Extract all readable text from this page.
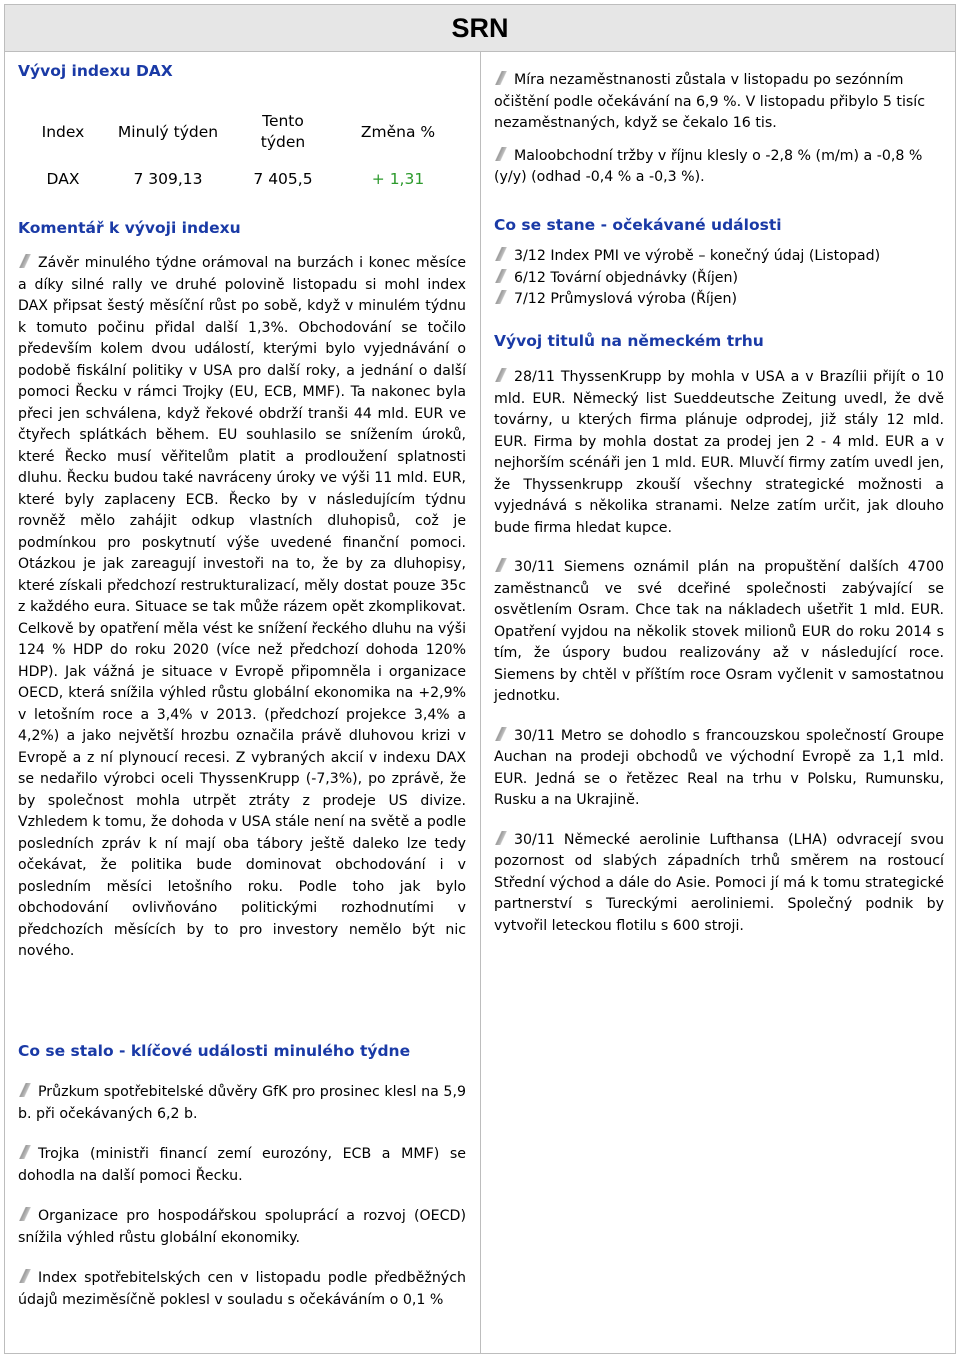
SRN
Vývoj indexu DAX
Index	Minulý týden	Tento týden	Změna %
DAX	7 309,13	7 405,5	+ 1,31
Komentář k vývoji indexu

Závěr minulého týdne orámoval na burzách i konec měsíce a díky silné rally ve druhé polovině listopadu si mohl index DAX připsat šestý měsíční růst po sobě, když v minulém týdnu k tomuto počinu přidal další 1,3%. Obchodování se točilo především kolem dvou událostí, kterými bylo vyjednávání o podobě fiskální politiky v USA pro další roky, a jednání o další pomoci Řecku v rámci Trojky (EU, ECB, MMF). Ta nakonec byla přeci jen schválena, když řekové obdrží tranši 44 mld. EUR ve čtyřech splátkách během. EU souhlasilo se snížením úroků, které Řecko musí věřitelům platit a prodloužení splatnosti dluhu. Řecku budou také navráceny úroky ve výši 11 mld. EUR, které byly zaplaceny ECB. Řecko by v následujícím týdnu rovněž mělo zahájit odkup vlastních dluhopisů, což je podmínkou pro poskytnutí výše uvedené finanční pomoci. Otázkou je jak zareagují investoři na to, že by za dluhopisy, které získali předchozí restrukturalizací, měly dostat pouze 35c z každého eura. Situace se tak může rázem opět zkomplikovat. Celkově by opatření měla vést ke snížení řeckého dluhu na výši 124 % HDP do roku 2020 (více než předchozí dohoda 120% HDP). Jak vážná je situace v Evropě připomněla i organizace OECD, která snížila výhled růstu globální ekonomika na +2,9% v letošním roce a 3,4% v 2013. (předchozí projekce 3,4% a 4,2%) a jako největší hrozbu označila právě dluhovou krizi v Evropě a z ní plynoucí recesi. Z vybraných akcií v indexu DAX se nedařilo výrobci oceli ThyssenKrupp (-7,3%), po zprávě, že by společnost mohla utrpět ztráty z prodeje US divize. Vzhledem k tomu, že dohoda v USA stále není na světě a podle posledních zpráv k ní mají oba tábory ještě daleko lze tedy očekávat, že politika bude dominovat obchodování i v posledním měsíci letošního roku. Podle toho jak bylo obchodování ovlivňováno politickými rozhodnutími v předchozích měsících by to pro investory nemělo být nic nového.

Co se stalo - klíčové události minulého týdne

Průzkum spotřebitelské důvěry GfK pro prosinec klesl na 5,9 b. při očekávaných 6,2 b.

Trojka (ministři financí zemí eurozóny, ECB a MMF) se dohodla na další pomoci Řecku.

Organizace pro hospodářskou spoluprácí a rozvoj (OECD) snížila výhled růstu globální ekonomiky.

Index spotřebitelských cen v listopadu podle předběžných údajů meziměsíčně poklesl v souladu s očekáváním o 0,1 %

Míra nezaměstnanosti zůstala v listopadu po sezónním očištění podle očekávání na 6,9 %. V listopadu přibylo 5 tisíc nezaměstnaných, když se čekalo 16 tis.

Maloobchodní tržby v říjnu klesly o -2,8 % (m/m) a -0,8 % (y/y) (odhad -0,4 % a -0,3 %).

Co se stane - očekávané události

3/12 Index PMI ve výrobě – konečný údaj (Listopad)

6/12 Tovární objednávky (Říjen)

7/12 Průmyslová výroba (Říjen)

Vývoj titulů na německém trhu

28/11 ThyssenKrupp by mohla v USA a v Brazílii přijít o 10 mld. EUR. Německý list Sueddeutsche Zeitung uvedl, že dvě továrny, u kterých firma plánuje odprodej, již stály 12 mld. EUR. Firma by mohla dostat za prodej jen 2 - 4 mld. EUR a v nejhorším scénáři jen 1 mld. EUR. Mluvčí firmy zatím uvedl jen, že Thyssenkrupp zkouší všechny strategické možnosti a vyjednává s několika stranami. Nelze zatím určit, jak dlouho bude firma hledat kupce.

30/11 Siemens oznámil plán na propuštění dalších 4700 zaměstnanců ve své dceřiné společnosti zabývající se osvětlením Osram. Chce tak na nákladech ušetřit 1 mld. EUR. Opatření vyjdou na několik stovek milionů EUR do roku 2014 s tím, že úspory budou realizovány až v následující roce. Siemens by chtěl v příštím roce Osram vyčlenit v samostatnou jednotku.

30/11 Metro se dohodlo s francouzskou společností Groupe Auchan na prodeji obchodů ve východní Evropě za 1,1 mld. EUR. Jedná se o řetězec Real na trhu v Polsku, Rumunsku, Rusku a na Ukrajině.

30/11 Německé aerolinie Lufthansa (LHA) odvracejí svou pozornost od slabých západních trhů směrem na rostoucí Střední východ a dále do Asie. Pomoci jí má k tomu strategické partnerství s Tureckými aeroliniemi. Společný podnik by vytvořil leteckou flotilu s 600 stroji.
